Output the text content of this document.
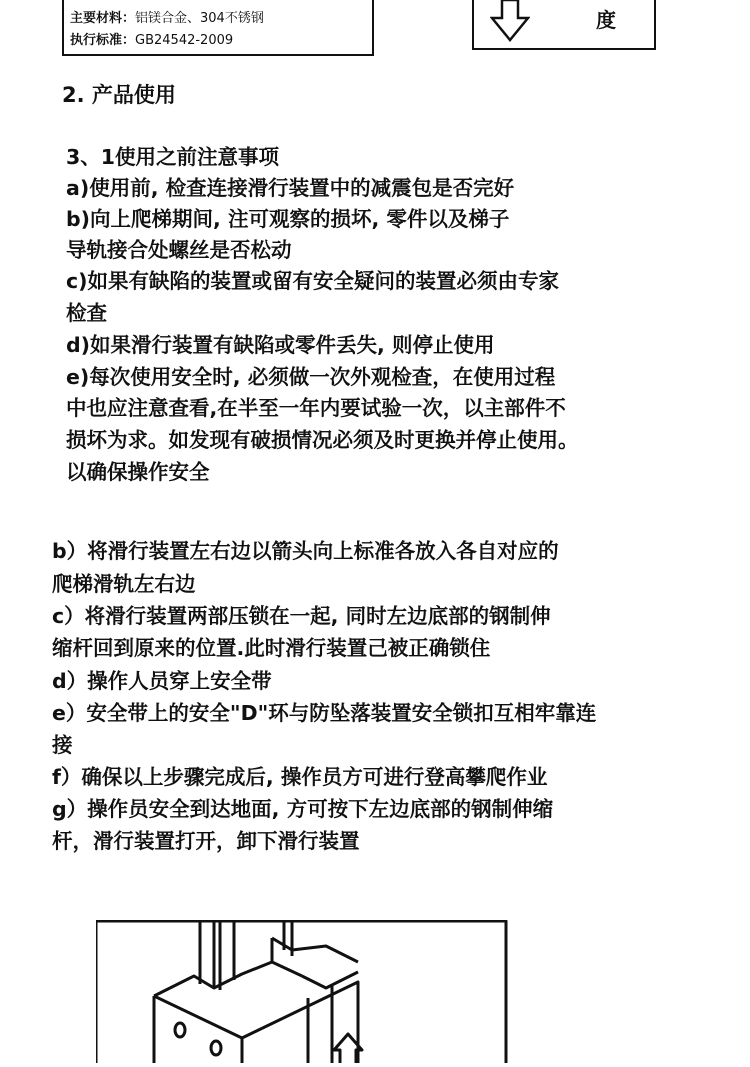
主要材料：铝镁合金、304不锈钢
执行标准：GB24542-2009
度
2. 产品使用
3、1使用之前注意事项
a)使用前, 检查连接滑行装置中的减震包是否完好
b)向上爬梯期间, 注可观察的损坏, 零件以及梯子
导轨接合处螺丝是否松动
c)如果有缺陷的装置或留有安全疑问的装置必须由专家
检查
d)如果滑行装置有缺陷或零件丢失, 则停止使用
e)每次使用安全时, 必须做一次外观检查，在使用过程
中也应注意查看,在半至一年内要试验一次，以主部件不
损坏为求。如发现有破损情况必须及时更换并停止使用。
以确保操作安全
b）将滑行装置左右边以箭头向上标准各放入各自对应的
爬梯滑轨左右边
c）将滑行装置两部压锁在一起, 同时左边底部的钢制伸
缩杆回到原来的位置.此时滑行装置己被正确锁住
d）操作人员穿上安全带
e）安全带上的安全"D"环与防坠落装置安全锁扣互相牢靠连
接
f）确保以上步骤完成后, 操作员方可进行登高攀爬作业
g）操作员安全到达地面, 方可按下左边底部的钢制伸缩
杆，滑行装置打开，卸下滑行装置
